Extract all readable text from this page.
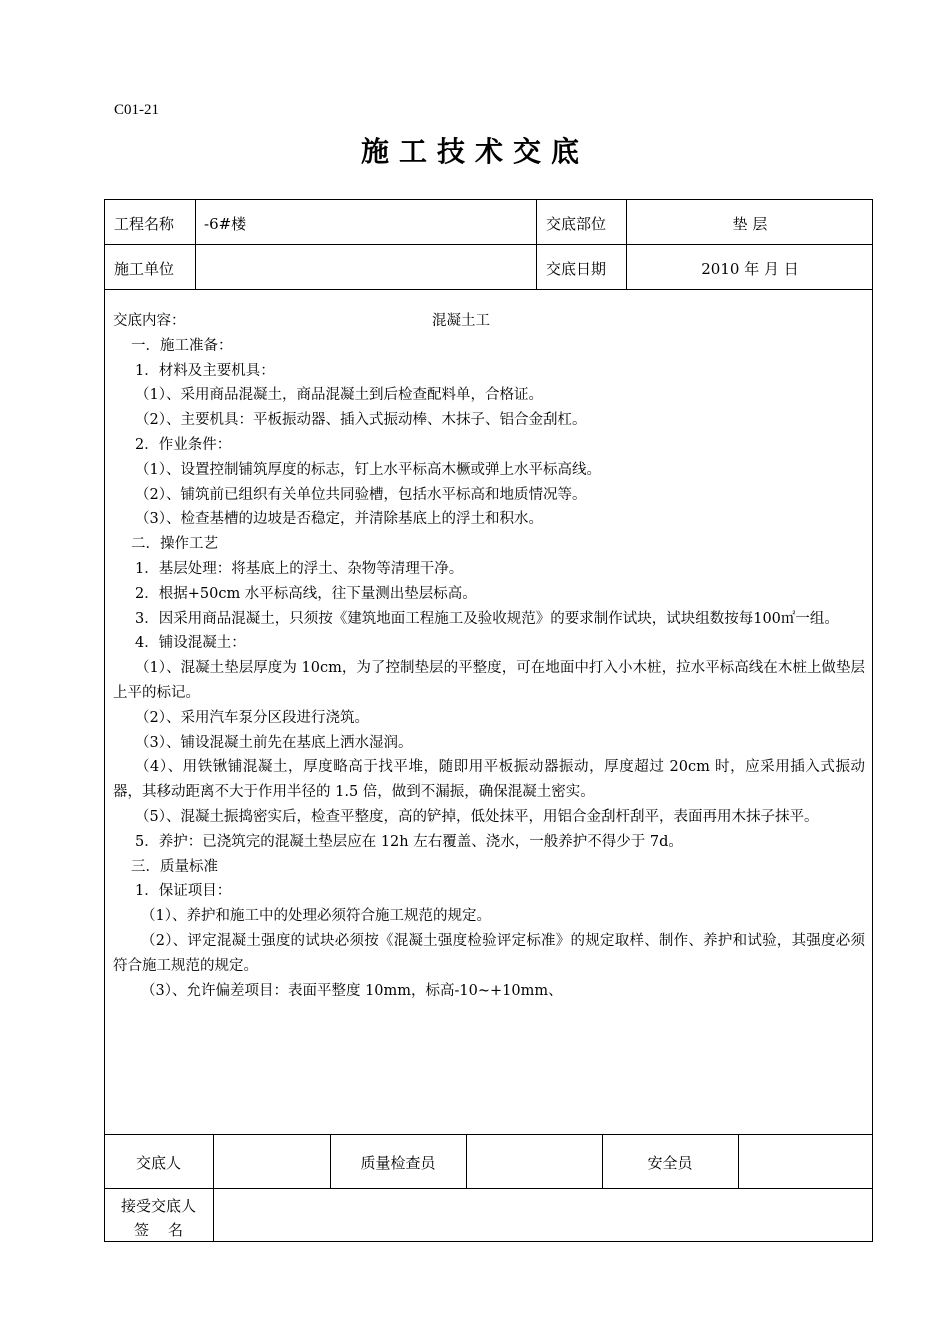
C01-21
施工技术交底
工程名称 -6#楼	交底部位	垫 层
施工单位	交底日期	2010 年 月 日
交底内容：	混凝土工

一．施工准备：

1．材料及主要机具：

（1）、采用商品混凝土，商品混凝土到后检查配料单，合格证。

（2）、主要机具：平板振动器、插入式振动棒、木抹子、铝合金刮杠。

2．作业条件：

（1）、设置控制铺筑厚度的标志，钉上水平标高木橛或弹上水平标高线。

（2）、铺筑前已组织有关单位共同验槽，包括水平标高和地质情况等。

（3）、检查基槽的边坡是否稳定，并清除基底上的浮土和积水。

二．操作工艺

1．基层处理：将基底上的浮土、杂物等清理干净。

2．根据+50cm 水平标高线，往下量测出垫层标高。

3．因采用商品混凝土，只须按《建筑地面工程施工及验收规范》的要求制作试块，试块组数按每100㎡一组。

4．铺设混凝土：

（1）、混凝土垫层厚度为 10cm，为了控制垫层的平整度，可在地面中打入小木桩，拉水平标高线在木桩上做垫层上平的标记。

（2）、采用汽车泵分区段进行浇筑。

（3）、铺设混凝土前先在基底上洒水湿润。

（4）、用铁锹铺混凝土，厚度略高于找平堆，随即用平板振动器振动，厚度超过 20cm 时，应采用插入式振动器，其移动距离不大于作用半径的 1.5 倍，做到不漏振，确保混凝土密实。

（5）、混凝土振捣密实后，检查平整度，高的铲掉，低处抹平，用铝合金刮杆刮平，表面再用木抹子抹平。

5．养护：已浇筑完的混凝土垫层应在 12h 左右覆盖、浇水，一般养护不得少于 7d。

三．质量标准

1．保证项目：

（1）、养护和施工中的处理必须符合施工规范的规定。

（2）、评定混凝土强度的试块必须按《混凝土强度检验评定标准》的规定取样、制作、养护和试验，其强度必须符合施工规范的规定。

（3）、允许偏差项目：表面平整度 10mm，标高-10~+10mm、

交底人	质量检查员	安全员
接受交底人
签    名
